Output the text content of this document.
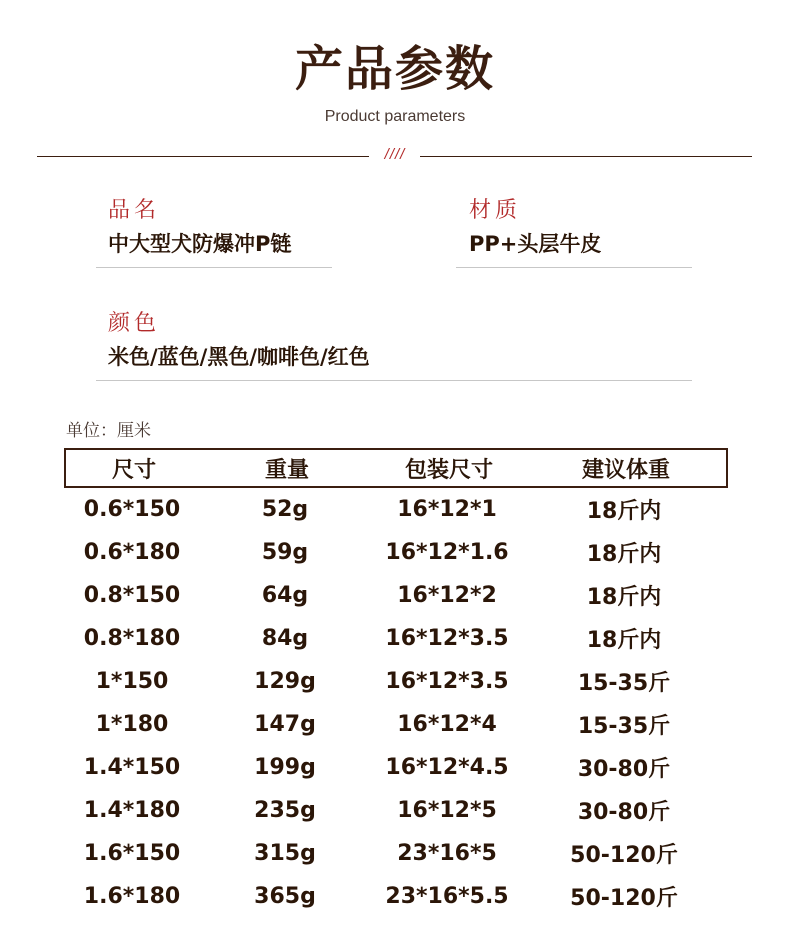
产品参数
Product parameters
////
品名
中大型犬防爆冲P链
材质
PP+头层牛皮
颜色
米色/蓝色/黑色/咖啡色/红色
单位：厘米
尺寸	重量	包装尺寸	建议体重
0.6*150	52g	16*12*1	18斤内
0.6*180	59g	16*12*1.6	18斤内
0.8*150	64g	16*12*2	18斤内
0.8*180	84g	16*12*3.5	18斤内
1*150	129g	16*12*3.5	15-35斤
1*180	147g	16*12*4	15-35斤
1.4*150	199g	16*12*4.5	30-80斤
1.4*180	235g	16*12*5	30-80斤
1.6*150	315g	23*16*5	50-120斤
1.6*180	365g	23*16*5.5	50-120斤
